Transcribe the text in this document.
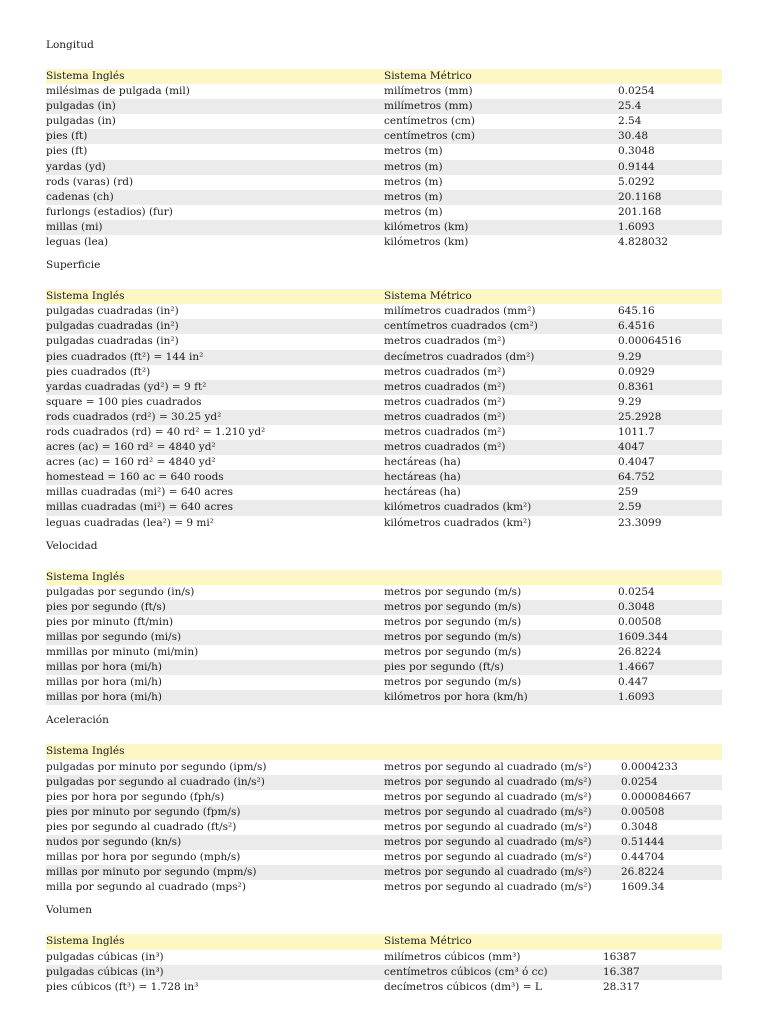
Longitud
Sistema Inglés	Sistema Métrico
milésimas de pulgada (mil)	milímetros (mm)	0.0254
pulgadas (in)	milímetros (mm)	25.4
pulgadas (in)	centímetros (cm)	2.54
pies (ft)	centímetros (cm)	30.48
pies (ft)	metros (m)	0.3048
yardas (yd)	metros (m)	0.9144
rods (varas) (rd)	metros (m)	5.0292
cadenas (ch)	metros (m)	20.1168
furlongs (estadios) (fur)	metros (m)	201.168
millas (mi)	kilómetros (km)	1.6093
leguas (lea)	kilómetros (km)	4.828032
Superficie
Sistema Inglés	Sistema Métrico
pulgadas cuadradas (in²)	milímetros cuadrados (mm²)	645.16
pulgadas cuadradas (in²)	centímetros cuadrados (cm²)	6.4516
pulgadas cuadradas (in²)	metros cuadrados (m²)	0.00064516
pies cuadrados (ft²) = 144 in²	decímetros cuadrados (dm²)	9.29
pies cuadrados (ft²)	metros cuadrados (m²)	0.0929
yardas cuadradas (yd²) = 9 ft²	metros cuadrados (m²)	0.8361
square = 100 pies cuadrados	metros cuadrados (m²)	9.29
rods cuadrados (rd²) = 30.25 yd²	metros cuadrados (m²)	25.2928
rods cuadrados (rd) = 40 rd² = 1.210 yd²	metros cuadrados (m²)	1011.7
acres (ac) = 160 rd² = 4840 yd²	metros cuadrados (m²)	4047
acres (ac) = 160 rd² = 4840 yd²	hectáreas (ha)	0.4047
homestead = 160 ac = 640 roods	hectáreas (ha)	64.752
millas cuadradas (mi²) = 640 acres	hectáreas (ha)	259
millas cuadradas (mi²) = 640 acres	kilómetros cuadrados (km²)	2.59
leguas cuadradas (lea²) = 9 mi²	kilómetros cuadrados (km²)	23.3099
Velocidad
Sistema Inglés
pulgadas por segundo (in/s)	metros por segundo (m/s)	0.0254
pies por segundo (ft/s)	metros por segundo (m/s)	0.3048
pies por minuto (ft/min)	metros por segundo (m/s)	0.00508
millas por segundo (mi/s)	metros por segundo (m/s)	1609.344
mmillas por minuto (mi/min)	metros por segundo (m/s)	26.8224
millas por hora (mi/h)	pies por segundo (ft/s)	1.4667
millas por hora (mi/h)	metros por segundo (m/s)	0.447
millas por hora (mi/h)	kilómetros por hora (km/h)	1.6093
Aceleración
Sistema Inglés
pulgadas por minuto por segundo (ipm/s)	metros por segundo al cuadrado (m/s²)	0.0004233
pulgadas por segundo al cuadrado (in/s²)	metros por segundo al cuadrado (m/s²)	0.0254
pies por hora por segundo (fph/s)	metros por segundo al cuadrado (m/s²)	0.000084667
pies por minuto por segundo (fpm/s)	metros por segundo al cuadrado (m/s²)	0.00508
pies por segundo al cuadrado (ft/s²)	metros por segundo al cuadrado (m/s²)	0.3048
nudos por segundo (kn/s)	metros por segundo al cuadrado (m/s²)	0.51444
millas por hora por segundo (mph/s)	metros por segundo al cuadrado (m/s²)	0.44704
millas por minuto por segundo (mpm/s)	metros por segundo al cuadrado (m/s²)	26.8224
milla por segundo al cuadrado (mps²)	metros por segundo al cuadrado (m/s²)	1609.34
Volumen
Sistema Inglés	Sistema Métrico
pulgadas cúbicas (in³)	milímetros cúbicos (mm³)	16387
pulgadas cúbicas (in³)	centímetros cúbicos (cm³ ó cc)	16.387
pies cúbicos (ft³) = 1.728 in³	decímetros cúbicos (dm³) = L	28.317
